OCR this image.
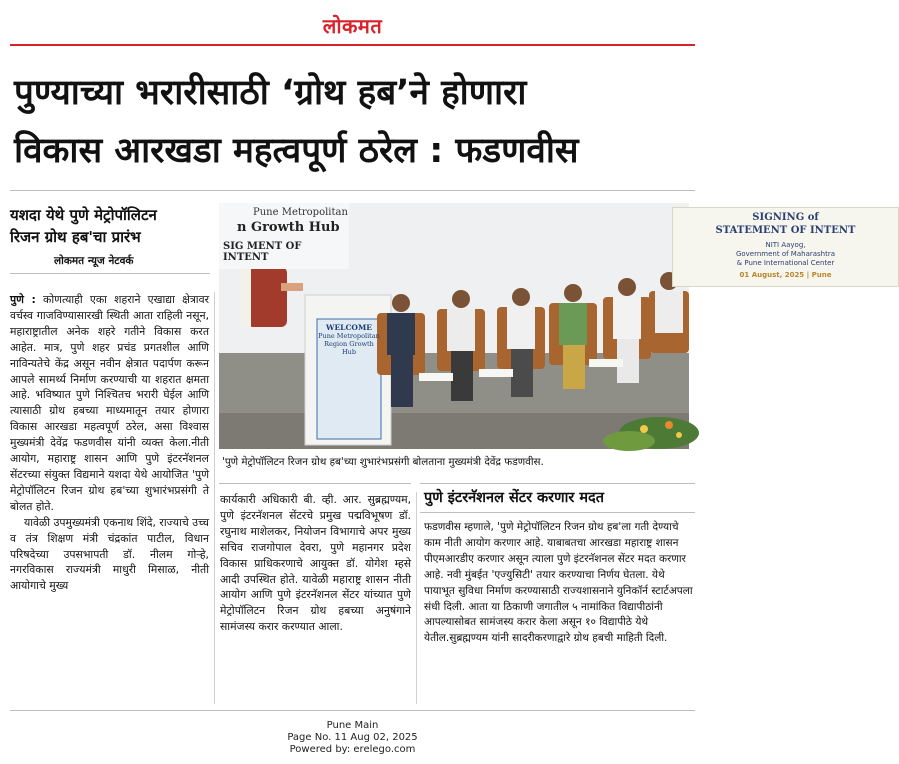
लोकमत
पुण्याच्या भरारीसाठी ‘ग्रोथ हब’ने होणारा
विकास आरखडा महत्वपूर्ण ठरेल : फडणवीस
यशदा येथे पुणे मेट्रोपॉलिटन
रिजन ग्रोथ हब'चा प्रारंभ
लोकमत न्यूज नेटवर्क
पुणे : कोणत्याही एका शहराने एखाद्या क्षेत्रावर वर्चस्व गाजविण्यासारखी स्थिती आता राहिली नसून, महाराष्ट्रातील अनेक शहरे गतीने विकास करत आहेत. मात्र, पुणे शहर प्रचंड प्रगतशील आणि नाविन्यतेचे केंद्र असून नवीन क्षेत्रात पदार्पण करून आपले सामर्थ्य निर्माण करण्याची या शहरात क्षमता आहे. भविष्यात पुणे निश्चितच भरारी घेईल आणि त्यासाठी ग्रोथ हबच्या माध्यमातून तयार होणारा विकास आरखडा महत्वपूर्ण ठरेल, असा विश्वास मुख्यमंत्री देवेंद्र फडणवीस यांनी व्यक्त केला.नीती आयोग, महाराष्ट्र शासन आणि पुणे इंटरनॅशनल सेंटरच्या संयुक्त विद्यमाने यशदा येथे आयोजित 'पुणे मेट्रोपॉलिटन रिजन ग्रोथ हब'च्या शुभारंभप्रसंगी ते बोलत होते.
यावेळी उपमुख्यमंत्री एकनाथ शिंदे, राज्याचे उच्च व तंत्र शिक्षण मंत्री चंद्रकांत पाटील, विधान परिषदेच्या उपसभापती डॉ. नीलम गोऱ्हे, नगरविकास राज्यमंत्री माधुरी मिसाळ, नीती आयोगाचे मुख्य
Pune Metropolitan
n Growth Hub
SIG MENT OF INTENT
SIGNING of
STATEMENT OF INTENT
NITI Aayog,
Government of Maharashtra
& Pune International Center
01 August, 2025 | Pune
WELCOME
Pune Metropolitan
Region Growth Hub
'पुणे मेट्रोपॉलिटन रिजन ग्रोथ हब'च्या शुभारंभप्रसंगी बोलताना मुख्यमंत्री देवेंद्र फडणवीस.
कार्यकारी अधिकारी बी. व्ही. आर. सुब्रह्मण्यम, पुणे इंटरनॅशनल सेंटरचे प्रमुख पद्मविभूषण डॉ. रघुनाथ माशेलकर, नियोजन विभागाचे अपर मुख्य सचिव राजगोपाल देवरा, पुणे महानगर प्रदेश विकास प्राधिकरणाचे आयुक्त डॉ. योगेश म्हसे आदी उपस्थित होते. यावेळी महाराष्ट्र शासन नीती आयोग आणि पुणे इंटरनॅशनल सेंटर यांच्यात पुणे मेट्रोपॉलिटन रिजन ग्रोथ हबच्या अनुषंगाने सामंजस्य करार करण्यात आला.
पुणे इंटरनॅशनल सेंटर करणार मदत
फडणवीस म्हणाले, 'पुणे मेट्रोपॉलिटन रिजन ग्रोथ हब'ला गती देण्याचे काम नीती आयोग करणार आहे. याबाबतचा आरखडा महाराष्ट्र शासन पीएमआरडीए करणार असून त्याला पुणे इंटरनॅशनल सेंटर मदत करणार आहे. नवी मुंबईत 'एज्युसिटी' तयार करण्याचा निर्णय घेतला. येथे पायाभूत सुविधा निर्माण करण्यासाठी राज्यशासनाने युनिकॉर्न स्टार्टअपला संधी दिली. आता या ठिकाणी जगातील ५ नामांकित विद्यापीठांनी आपल्यासोबत सामंजस्य करार केला असून १० विद्यापीठे येथे येतील.सुब्रह्मण्यम यांनी सादरीकरणाद्वारे ग्रोथ हबची माहिती दिली.
Pune Main
Page No. 11 Aug 02, 2025
Powered by: erelego.com
